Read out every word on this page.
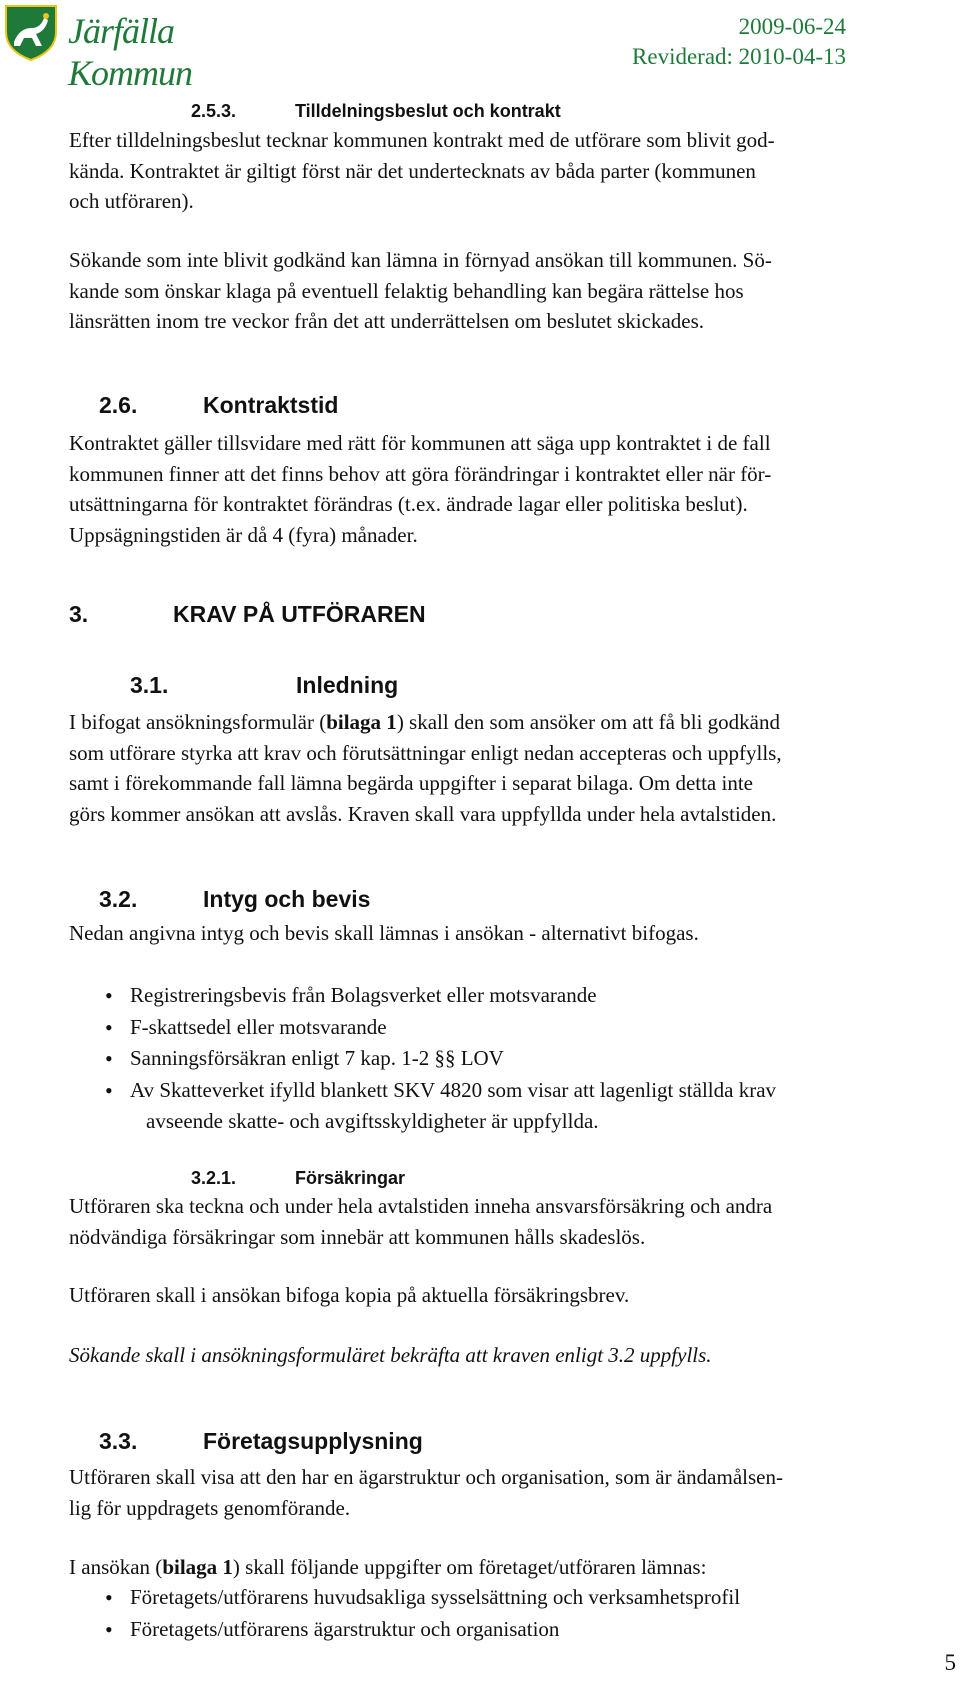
Järfälla Kommun
2009-06-24
Reviderad: 2010-04-13
2.5.3.	Tilldelningsbeslut och kontrakt
Efter tilldelningsbeslut tecknar kommunen kontrakt med de utförare som blivit god-
kända. Kontraktet är giltigt först när det undertecknats av båda parter (kommunen
och utföraren).
Sökande som inte blivit godkänd kan lämna in förnyad ansökan till kommunen. Sö-
kande som önskar klaga på eventuell felaktig behandling kan begära rättelse hos
länsrätten inom tre veckor från det att underrättelsen om beslutet skickades.
2.6.	Kontraktstid
Kontraktet gäller tillsvidare med rätt för kommunen att säga upp kontraktet i de fall
kommunen finner att det finns behov att göra förändringar i kontraktet eller när för-
utsättningarna för kontraktet förändras (t.ex. ändrade lagar eller politiska beslut).
Uppsägningstiden är då 4 (fyra) månader.
3.	KRAV PÅ UTFÖRAREN
3.1.	Inledning
I bifogat ansökningsformulär (bilaga 1) skall den som ansöker om att få bli godkänd
som utförare styrka att krav och förutsättningar enligt nedan accepteras och uppfylls,
samt i förekommande fall lämna begärda uppgifter i separat bilaga. Om detta inte
görs kommer ansökan att avslås. Kraven skall vara uppfyllda under hela avtalstiden.
3.2.	Intyg och bevis
Nedan angivna intyg och bevis skall lämnas i ansökan - alternativt bifogas.
• Registreringsbevis från Bolagsverket eller motsvarande
• F-skattsedel eller motsvarande
• Sanningsförsäkran enligt 7 kap. 1-2 §§ LOV
• Av Skatteverket ifylld blankett SKV 4820 som visar att lagenligt ställda krav
avseende skatte- och avgiftsskyldigheter är uppfyllda.
3.2.1.	Försäkringar
Utföraren ska teckna och under hela avtalstiden inneha ansvarsförsäkring och andra
nödvändiga försäkringar som innebär att kommunen hålls skadeslös.
Utföraren skall i ansökan bifoga kopia på aktuella försäkringsbrev.
Sökande skall i ansökningsformuläret bekräfta att kraven enligt 3.2 uppfylls.
3.3.	Företagsupplysning
Utföraren skall visa att den har en ägarstruktur och organisation, som är ändamålsen-
lig för uppdragets genomförande.
I ansökan (bilaga 1) skall följande uppgifter om företaget/utföraren lämnas:
• Företagets/utförarens huvudsakliga sysselsättning och verksamhetsprofil
• Företagets/utförarens ägarstruktur och organisation
5
